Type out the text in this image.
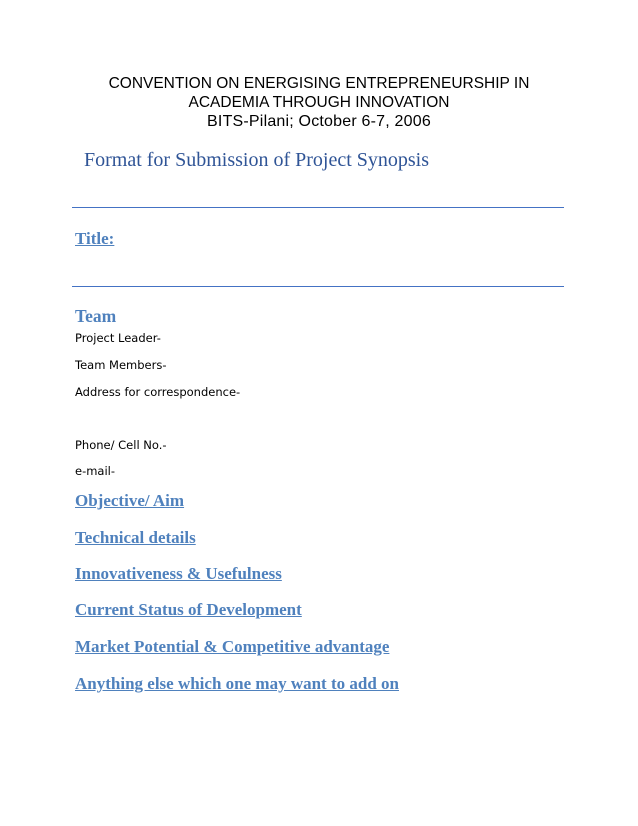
CONVENTION ON ENERGISING ENTREPRENEURSHIP IN
ACADEMIA THROUGH INNOVATION
BITS-Pilani; October 6-7, 2006
Format for Submission of Project Synopsis
Title:
Team
Project Leader-
Team Members-
Address for correspondence-
Phone/ Cell No.-
e-mail-
Objective/ Aim
Technical details
Innovativeness & Usefulness
Current Status of Development
Market Potential & Competitive advantage
Anything else which one may want to add on
